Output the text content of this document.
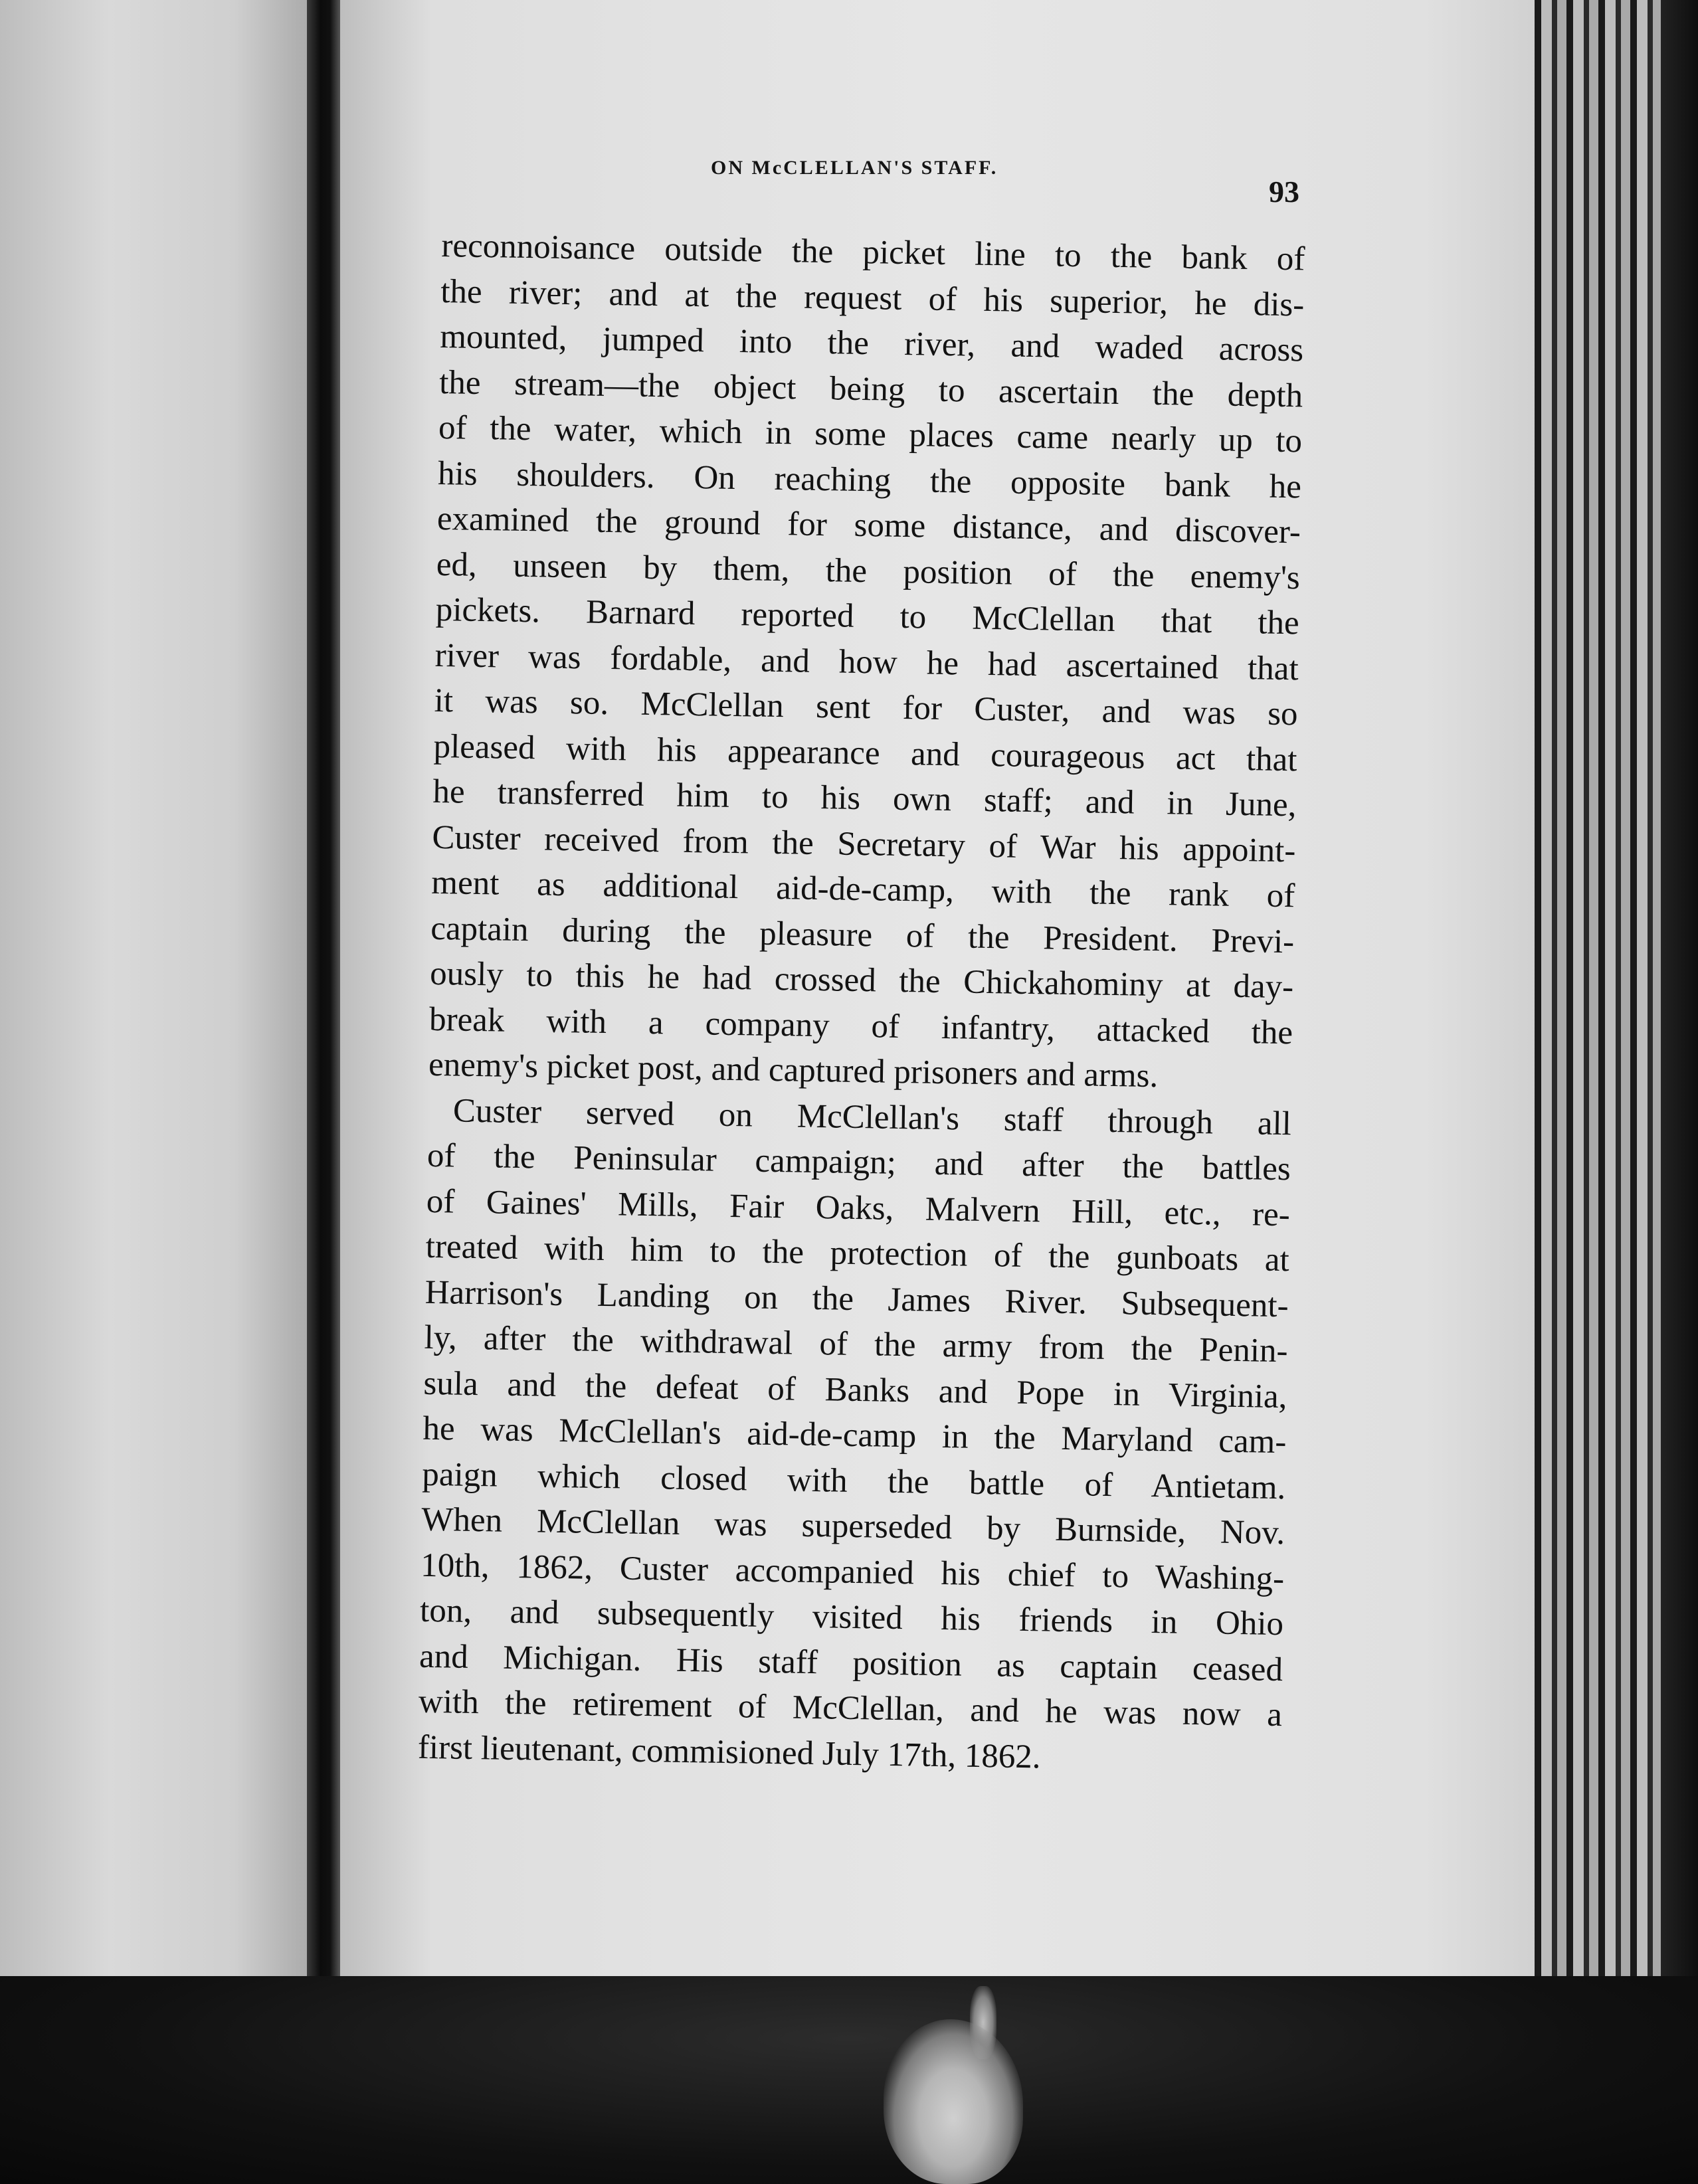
ON McCLELLAN'S STAFF.
93
reconnoisance outside the picket line to the bank of
the river; and at the request of his superior, he dis-
mounted, jumped into the river, and waded across
the stream—the object being to ascertain the depth
of the water, which in some places came nearly up to
his shoulders. On reaching the opposite bank he
examined the ground for some distance, and discover-
ed, unseen by them, the position of the enemy's
pickets. Barnard reported to McClellan that the
river was fordable, and how he had ascertained that
it was so. McClellan sent for Custer, and was so
pleased with his appearance and courageous act that
he transferred him to his own staff; and in June,
Custer received from the Secretary of War his appoint-
ment as additional aid-de-camp, with the rank of
captain during the pleasure of the President. Previ-
ously to this he had crossed the Chickahominy at day-
break with a company of infantry, attacked the
enemy's picket post, and captured prisoners and arms.
Custer served on McClellan's staff through all
of the Peninsular campaign; and after the battles
of Gaines' Mills, Fair Oaks, Malvern Hill, etc., re-
treated with him to the protection of the gunboats at
Harrison's Landing on the James River. Subsequent-
ly, after the withdrawal of the army from the Penin-
sula and the defeat of Banks and Pope in Virginia,
he was McClellan's aid-de-camp in the Maryland cam-
paign which closed with the battle of Antietam.
When McClellan was superseded by Burnside, Nov.
10th, 1862, Custer accompanied his chief to Washing-
ton, and subsequently visited his friends in Ohio
and Michigan. His staff position as captain ceased
with the retirement of McClellan, and he was now a
first lieutenant, commisioned July 17th, 1862.
